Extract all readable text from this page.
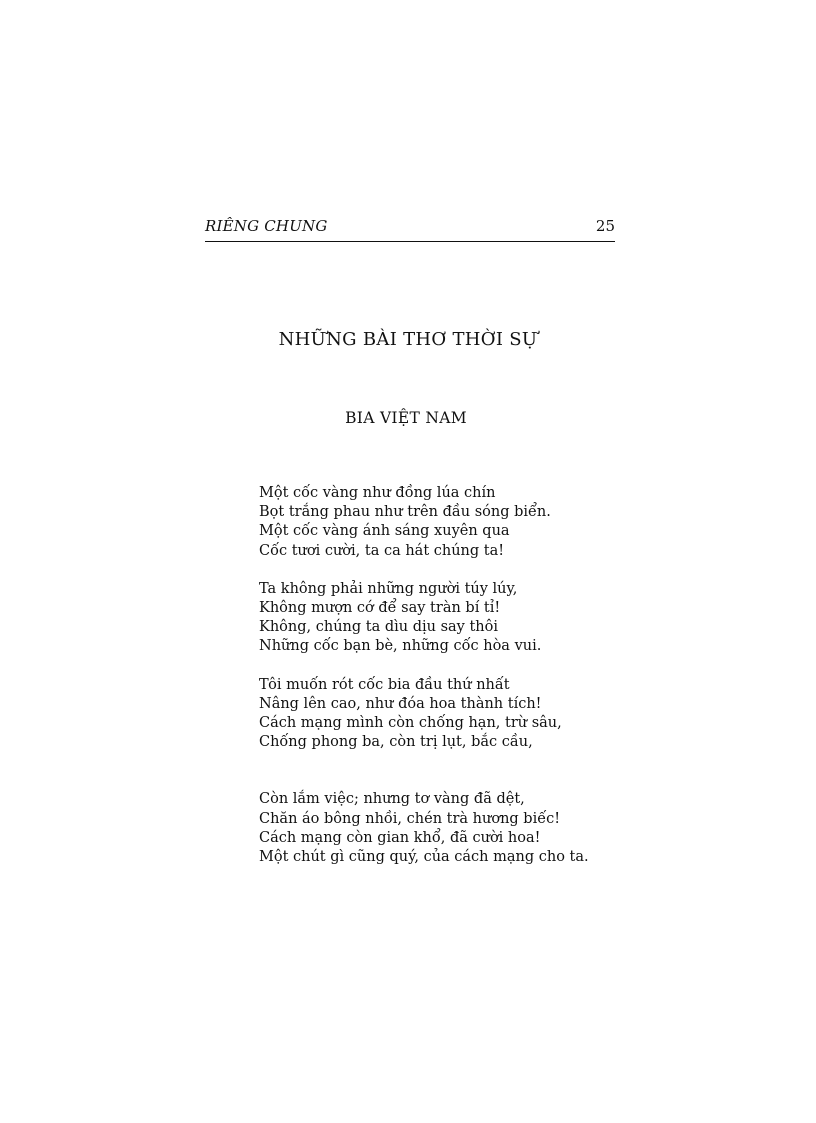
RIÊNG CHUNG	25
NHỮNG BÀI THƠ THỜI SỰ
BIA VIỆT NAM
Một cốc vàng như đồng lúa chín
Bọt trắng phau như trên đầu sóng biển.
Một cốc vàng ánh sáng xuyên qua
Cốc tươi cười, ta ca hát chúng ta!
Ta không phải những người túy lúy,
Không mượn cớ để say tràn bí tỉ!
Không, chúng ta dìu dịu say thôi
Những cốc bạn bè, những cốc hòa vui.
Tôi muốn rót cốc bia đầu thứ nhất
Nâng lên cao, như đóa hoa thành tích!
Cách mạng mình còn chống hạn, trừ sâu,
Chống phong ba, còn trị lụt, bắc cầu,
Còn lắm việc; nhưng tơ vàng đã dệt,
Chăn áo bông nhồi, chén trà hương biếc!
Cách mạng còn gian khổ, đã cười hoa!
Một chút gì cũng quý, của cách mạng cho ta.
